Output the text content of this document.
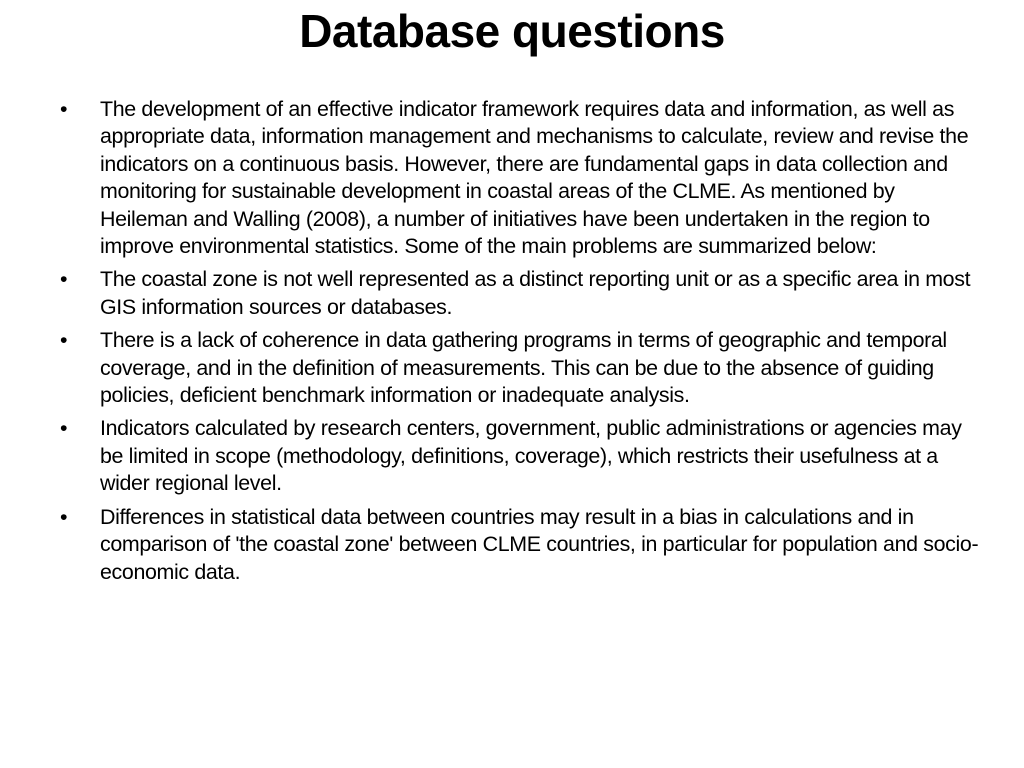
Database questions
•	The development of an effective indicator framework requires data and information, as well as appropriate data, information management and mechanisms to calculate, review and revise the indicators on a continuous basis. However, there are fundamental gaps in data collection and monitoring for sustainable development in coastal areas of the CLME. As mentioned by Heileman and Walling (2008), a number of initiatives have been undertaken in the region to improve environmental statistics. Some of the main problems are summarized below:
•	The coastal zone is not well represented as a distinct reporting unit or as a specific area in most GIS information sources or databases.
•	There is a lack of coherence in data gathering programs in terms of geographic and temporal coverage, and in the definition of measurements. This can be due to the absence of guiding policies, deficient benchmark information or inadequate analysis.
•	Indicators calculated by research centers, government, public administrations or agencies may be limited in scope (methodology, definitions, coverage), which restricts their usefulness at a wider regional level.
•	Differences in statistical data between countries may result in a bias in calculations and in comparison of 'the coastal zone' between CLME countries, in particular for population and socio-economic data.
